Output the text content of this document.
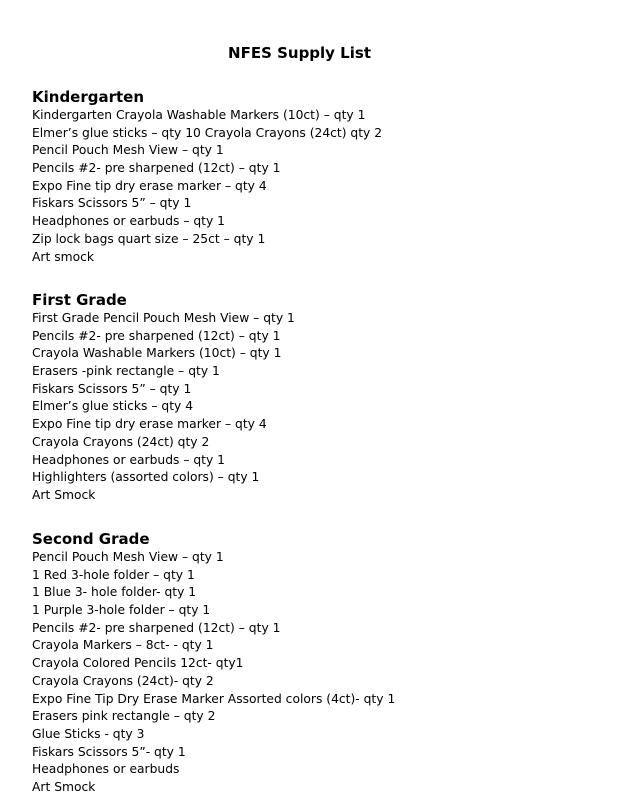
NFES Supply List
Kindergarten
Kindergarten Crayola Washable Markers (10ct) – qty 1
Elmer’s glue sticks – qty 10 Crayola Crayons (24ct) qty 2
Pencil Pouch Mesh View – qty 1
Pencils #2- pre sharpened (12ct) – qty 1
Expo Fine tip dry erase marker – qty 4
Fiskars Scissors 5” – qty 1
Headphones or earbuds – qty 1
Zip lock bags quart size – 25ct – qty 1
Art smock
First Grade
First Grade Pencil Pouch Mesh View – qty 1
Pencils #2- pre sharpened (12ct) – qty 1
Crayola Washable Markers (10ct) – qty 1
Erasers -pink rectangle – qty 1
Fiskars Scissors 5” – qty 1
Elmer’s glue sticks – qty 4
Expo Fine tip dry erase marker – qty 4
Crayola Crayons (24ct) qty 2
Headphones or earbuds – qty 1
Highlighters (assorted colors) – qty 1
Art Smock
Second Grade
Pencil Pouch Mesh View – qty 1
1 Red 3-hole folder – qty 1
1 Blue 3- hole folder- qty 1
1 Purple 3-hole folder – qty 1
Pencils #2- pre sharpened (12ct) – qty 1
Crayola Markers – 8ct- - qty 1
Crayola Colored Pencils 12ct- qty1
Crayola Crayons (24ct)- qty 2
Expo Fine Tip Dry Erase Marker Assorted colors (4ct)- qty 1
Erasers pink rectangle – qty 2
Glue Sticks - qty 3
Fiskars Scissors 5”- qty 1
Headphones or earbuds
Art Smock
